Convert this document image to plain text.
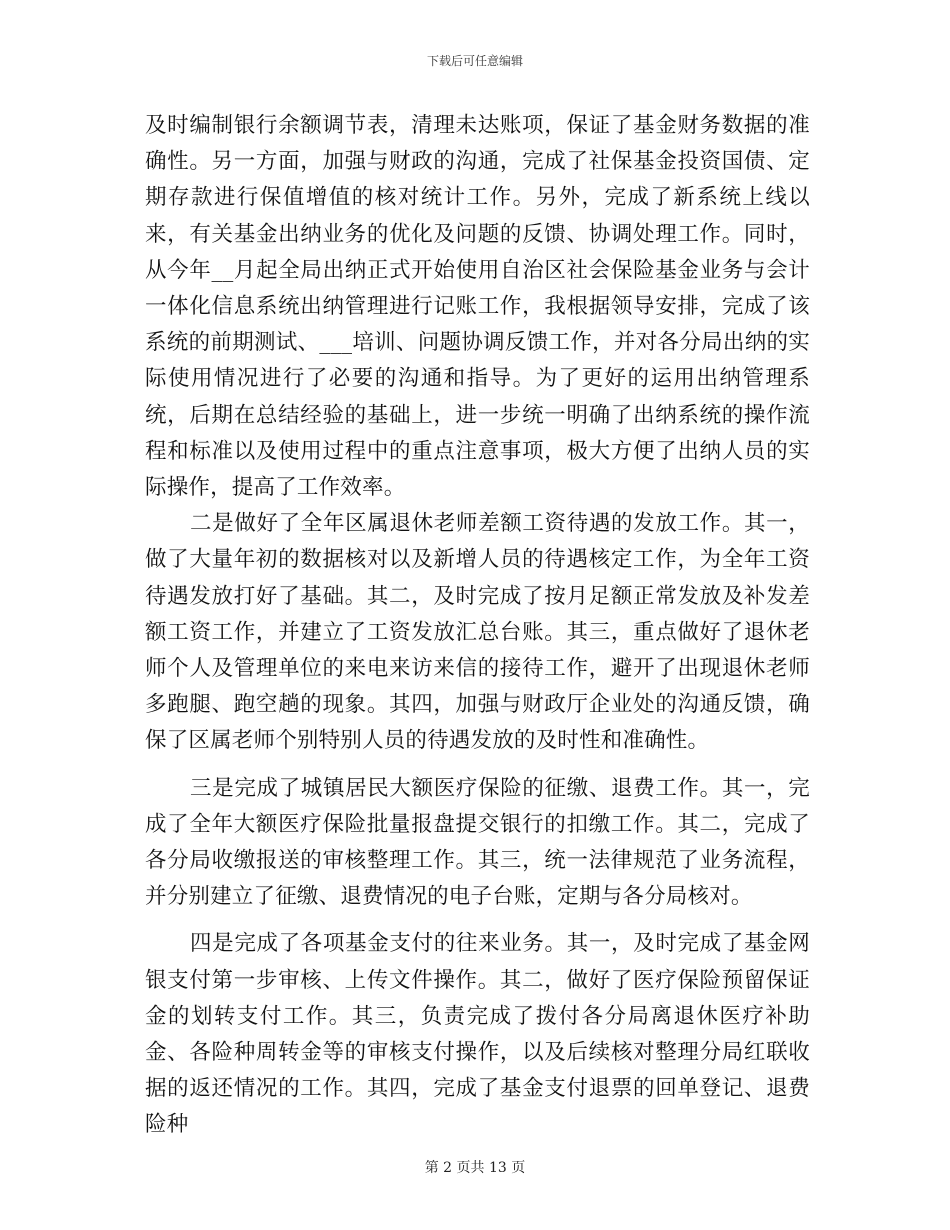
下载后可任意编辑

及时编制银行余额调节表，清理未达账项，保证了基金财务数据的准确性。另一方面，加强与财政的沟通，完成了社保基金投资国债、定期存款进行保值增值的核对统计工作。另外，完成了新系统上线以来，有关基金出纳业务的优化及问题的反馈、协调处理工作。同时，从今年__月起全局出纳正式开始使用自治区社会保险基金业务与会计一体化信息系统出纳管理进行记账工作，我根据领导安排，完成了该系统的前期测试、___培训、问题协调反馈工作，并对各分局出纳的实际使用情况进行了必要的沟通和指导。为了更好的运用出纳管理系统，后期在总结经验的基础上，进一步统一明确了出纳系统的操作流程和标准以及使用过程中的重点注意事项，极大方便了出纳人员的实际操作，提高了工作效率。

二是做好了全年区属退休老师差额工资待遇的发放工作。其一，做了大量年初的数据核对以及新增人员的待遇核定工作，为全年工资待遇发放打好了基础。其二，及时完成了按月足额正常发放及补发差额工资工作，并建立了工资发放汇总台账。其三，重点做好了退休老师个人及管理单位的来电来访来信的接待工作，避开了出现退休老师多跑腿、跑空趟的现象。其四，加强与财政厅企业处的沟通反馈，确保了区属老师个别特别人员的待遇发放的及时性和准确性。

三是完成了城镇居民大额医疗保险的征缴、退费工作。其一，完成了全年大额医疗保险批量报盘提交银行的扣缴工作。其二，完成了各分局收缴报送的审核整理工作。其三，统一法律规范了业务流程，并分别建立了征缴、退费情况的电子台账，定期与各分局核对。

四是完成了各项基金支付的往来业务。其一，及时完成了基金网银支付第一步审核、上传文件操作。其二，做好了医疗保险预留保证金的划转支付工作。其三，负责完成了拨付各分局离退休医疗补助金、各险种周转金等的审核支付操作，以及后续核对整理分局红联收据的返还情况的工作。其四，完成了基金支付退票的回单登记、退费险种

第 2 页共 13 页
